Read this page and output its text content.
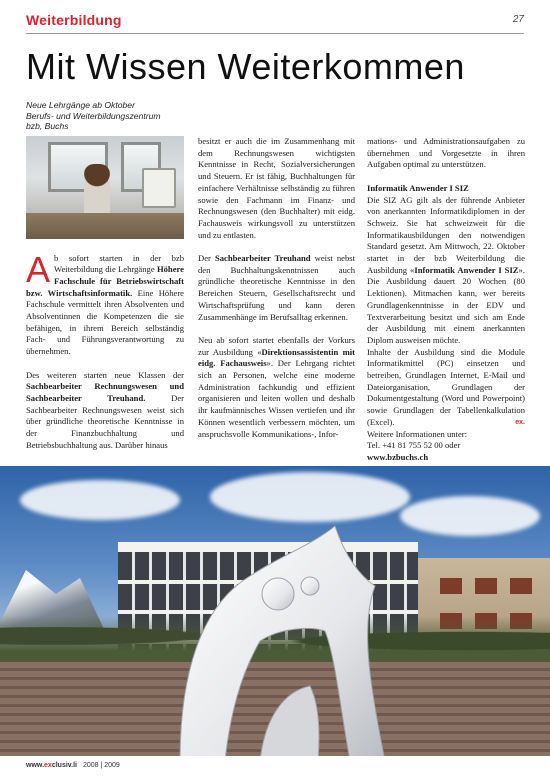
Weiterbildung	27
Mit Wissen Weiterkommen
Neue Lehrgänge ab Oktober
Berufs- und Weiterbildungszentrum
bzb, Buchs

Ab sofort starten in der bzb Weiterbildung die Lehrgänge Höhere Fachschule für Betriebswirtschaft bzw. Wirtschaftsinformatik. Eine Höhere Fachschule vermittelt ihren Absolventen und Absolventinnen die Kompetenzen die sie befähigen, in ihrem Bereich selbständig Fach- und Führungsverantwortung zu übernehmen.

Des weiteren starten neue Klassen der Sachbearbeiter Rechnungswesen und Sachbearbeiter Treuhand. Der Sachbearbeiter Rechnungswesen weist sich über gründliche theoretische Kenntnisse in der Finanzbuchhaltung und Betriebsbuchhaltung aus. Darüber hinaus

besitzt er auch die im Zusammenhang mit dem Rechnungswesen wichtigsten Kenntnisse in Recht, Sozialversicherungen und Steuern. Er ist fähig, Buchhaltungen für einfachere Verhältnisse selbständig zu führen sowie den Fachmann im Finanz- und Rechnungswesen (den Buchhalter) mit eidg. Fachausweis wirkungsvoll zu unterstützen und zu entlasten.

Der Sachbearbeiter Treuhand weist nebst den Buchhaltungskenntnissen auch gründliche theoretische Kenntnisse in den Bereichen Steuern, Gesellschaftsrecht und Wirtschaftsprüfung und kann deren Zusammenhänge im Berufsalltag erkennen.

Neu ab sofort startet ebenfalls der Vorkurs zur Ausbildung «Direktionsassistentin mit eidg. Fachausweis». Der Lehrgang richtet sich an Personen, welche eine moderne Administration fachkundig und effizient organisieren und leiten wollen und deshalb ihr kaufmännisches Wissen vertiefen und ihr Können wesentlich verbessern möchten, um anspruchsvolle Kommunikations-, Infor-

mations- und Administrationsaufgaben zu übernehmen und Vorgesetzte in ihren Aufgaben optimal zu unterstützen.

Informatik Anwender I SIZ

Die SIZ AG gilt als der führende Anbieter von anerkannten Informatikdiplomen in der Schweiz. Sie hat schweizweit für die Informatikausbildungen den notwendigen Standard gesetzt. Am Mittwoch, 22. Oktober startet in der bzb Weiterbildung die Ausbildung «Informatik Anwender I SIZ». Die Ausbildung dauert 20 Wochen (80 Lektionen). Mitmachen kann, wer bereits Grundlagenkenntnisse in der EDV und Textverarbeitung besitzt und sich am Ende der Ausbildung mit einem anerkannten Diplom ausweisen möchte.

Inhalte der Ausbildung sind die Module Informatikmittel (PC) einsetzen und betreiben, Grundlagen Internet, E-Mail und Dateiorganisation, Grundlagen der Dokumentgestaltung (Word und Powerpoint) sowie Grundlagen der Tabellenkalkulation (Excel).	ex.

Weitere Informationen unter:
Tel. +41 81 755 52 00 oder
www.bzbuchs.ch
www.exclusiv.li 2008 | 2009
